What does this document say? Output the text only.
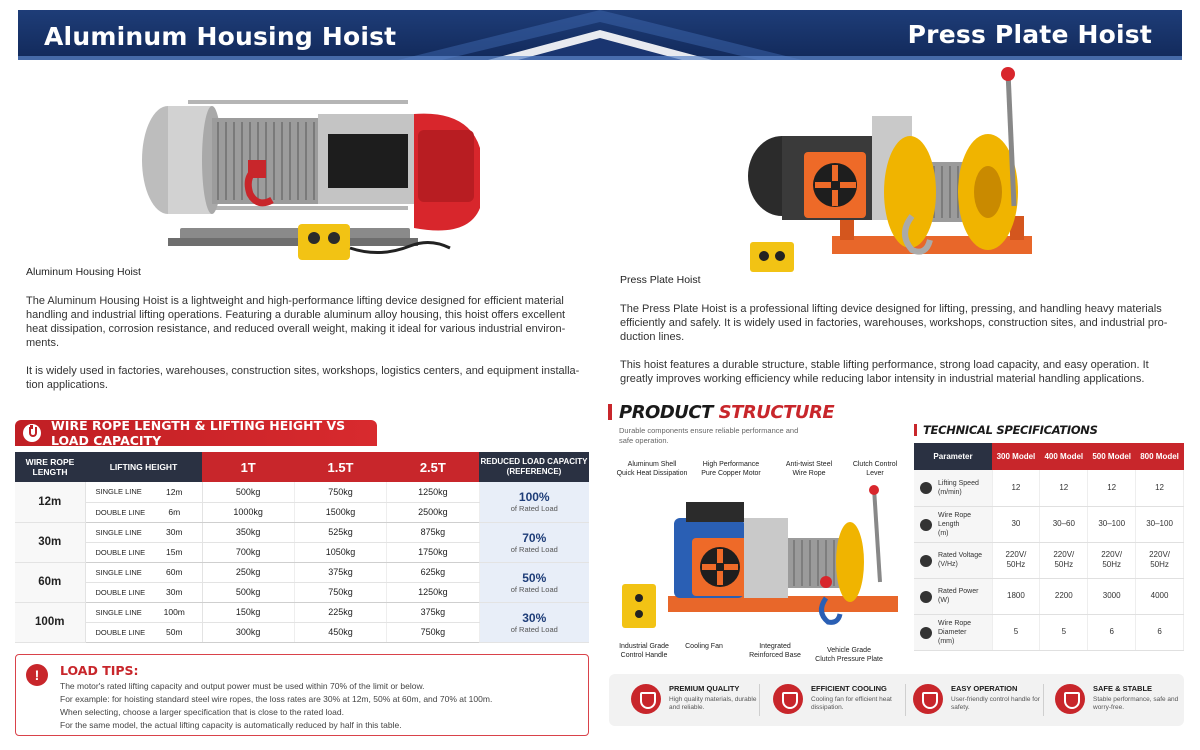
Aluminum Housing Hoist	Press Plate Hoist
Aluminum Housing Hoist
The Aluminum Housing Hoist is a lightweight and high-performance lifting device designed for efficient material
handling and industrial lifting operations. Featuring a durable aluminum alloy housing, this hoist offers excellent
heat dissipation, corrosion resistance, and reduced overall weight, making it ideal for various industrial environ-
ments.
It is widely used in factories, warehouses, construction sites, workshops, logistics centers, and equipment installa-
tion applications.
Press Plate Hoist
The Press Plate Hoist is a professional lifting device designed for lifting, pressing, and handling heavy materials
efficiently and safely. It is widely used in factories, warehouses, workshops, construction sites, and industrial pro-
duction lines.
This hoist features a durable structure, stable lifting performance, strong load capacity, and easy operation. It
greatly improves working efficiency while reducing labor intensity in industrial material handling applications.
WIRE ROPE LENGTH & LIFTING HEIGHT VS LOAD CAPACITY
WIRE ROPE LENGTH	LIFTING HEIGHT		1T	1.5T	2.5T	REDUCED LOAD CAPACITY (REFERENCE)
12m	SINGLE LINE	12m	500kg	750kg	1250kg	100%
of Rated Load

	DOUBLE LINE	6m	1000kg	1500kg	2500kg	
30m	SINGLE LINE	30m	350kg	525kg	875kg	70%
of Rated Load

	DOUBLE LINE	15m	700kg	1050kg	1750kg	
60m	SINGLE LINE	60m	250kg	375kg	625kg	50%
of Rated Load

	DOUBLE LINE	30m	500kg	750kg	1250kg	
100m	SINGLE LINE	100m	150kg	225kg	375kg	30%
of Rated Load

	DOUBLE LINE	50m	300kg	450kg	750kg	
!	LOAD TIPS:
The motor's rated lifting capacity and output power must be used within 70% of the limit or below.
For example: for hoisting standard steel wire ropes, the loss rates are 30% at 12m, 50% at 60m, and 70% at 100m.
When selecting, choose a larger specification that is close to the rated load.
For the same model, the actual lifting capacity is automatically reduced by half in this table.
PRODUCT STRUCTURE
Durable components ensure reliable performance and safe operation.
Aluminum Shell
Quick Heat Dissipation
High Performance
Pure Copper Motor
Anti-twist Steel
Wire Rope
Clutch Control
Lever
Industrial Grade
Control Handle
Cooling Fan	Integrated
Reinforced Base
Vehicle Grade
Clutch Pressure Plate
TECHNICAL SPECIFICATIONS
Parameter	300 Model	400 Model	500 Model	800 Model

Lifting Speed
(m/min)	12	12	12	12

Wire Rope Length
(m)	30	30–60	30–100	30–100

Rated Voltage
(V/Hz)	220V/
50Hz	220V/
50Hz	220V/
50Hz	220V/
50Hz

Rated Power
(W)	1800	2200	3000	4000

Wire Rope Diameter
(mm)	5	5	6	6
PREMIUM QUALITY
High quality materials, durable and reliable.
EFFICIENT COOLING
Cooling fan for efficient heat dissipation.
EASY OPERATION
User-friendly control handle for safety.
SAFE & STABLE
Stable performance, safe and worry-free.
